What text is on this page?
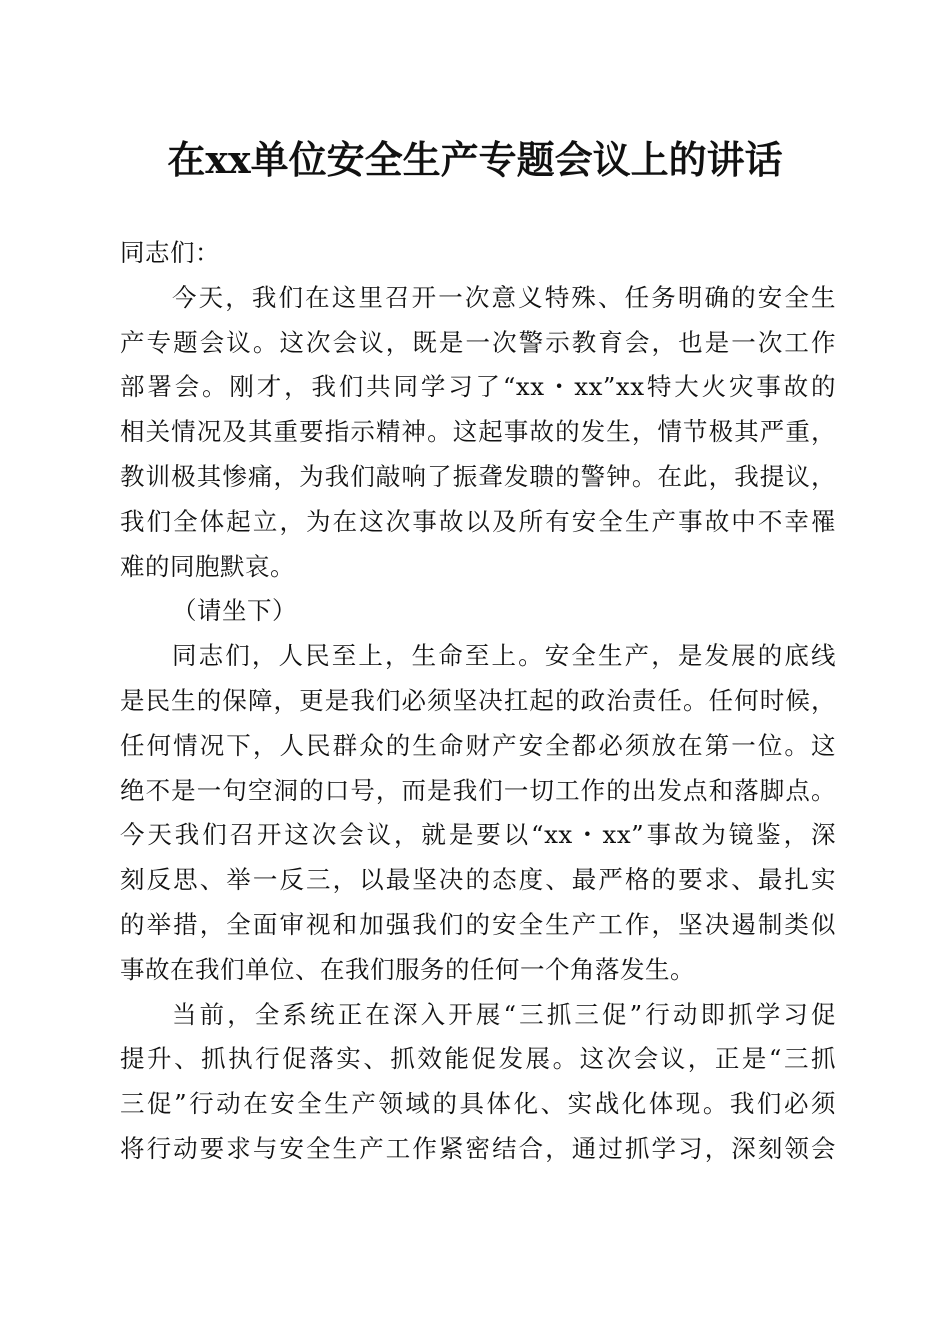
在xx单位安全生产专题会议上的讲话
同志们：
今天，我们在这里召开一次意义特殊、任务明确的安全生
产专题会议。这次会议，既是一次警示教育会，也是一次工作
部署会。刚才，我们共同学习了“xx・xx”xx特大火灾事故的
相关情况及其重要指示精神。这起事故的发生，情节极其严重，
教训极其惨痛，为我们敲响了振聋发聩的警钟。在此，我提议，
我们全体起立，为在这次事故以及所有安全生产事故中不幸罹
难的同胞默哀。
（请坐下）
同志们，人民至上，生命至上。安全生产，是发展的底线
是民生的保障，更是我们必须坚决扛起的政治责任。任何时候，
任何情况下，人民群众的生命财产安全都必须放在第一位。这
绝不是一句空洞的口号，而是我们一切工作的出发点和落脚点。
今天我们召开这次会议，就是要以“xx・xx”事故为镜鉴，深
刻反思、举一反三，以最坚决的态度、最严格的要求、最扎实
的举措，全面审视和加强我们的安全生产工作，坚决遏制类似
事故在我们单位、在我们服务的任何一个角落发生。
当前，全系统正在深入开展“三抓三促”行动即抓学习促
提升、抓执行促落实、抓效能促发展。这次会议，正是“三抓
三促”行动在安全生产领域的具体化、实战化体现。我们必须
将行动要求与安全生产工作紧密结合，通过抓学习，深刻领会
